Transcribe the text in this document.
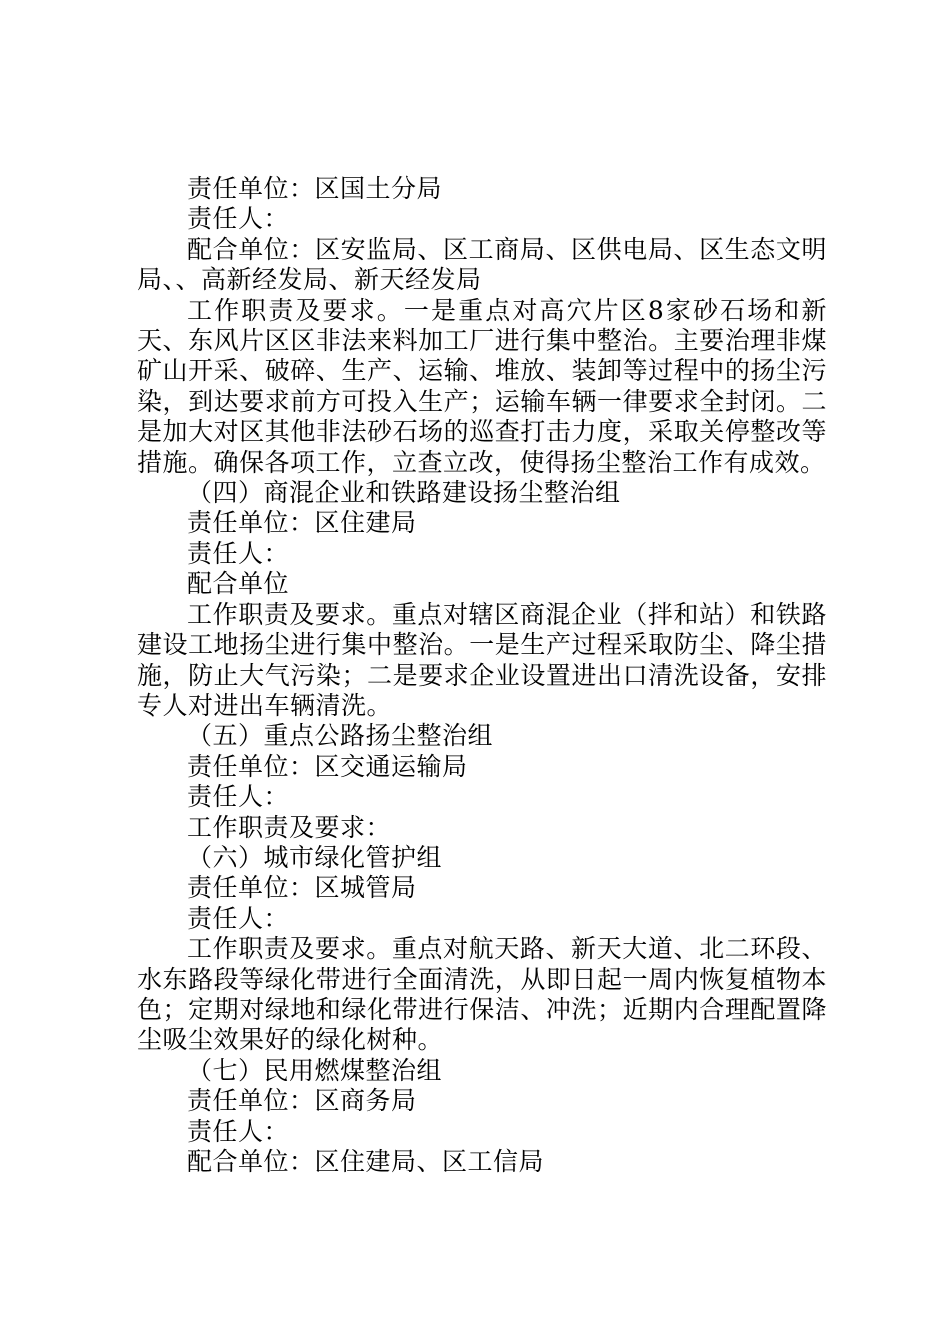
责任单位：区国土分局

责任人：

配合单位：区安监局、区工商局、区供电局、区生态文明局、、高新经发局、新天经发局

工作职责及要求。一是重点对高穴片区8家砂石场和新天、东风片区区非法来料加工厂进行集中整治。主要治理非煤矿山开采、破碎、生产、运输、堆放、装卸等过程中的扬尘污染，到达要求前方可投入生产；运输车辆一律要求全封闭。二是加大对区其他非法砂石场的巡查打击力度，采取关停整改等措施。确保各项工作，立查立改，使得扬尘整治工作有成效。

（四）商混企业和铁路建设扬尘整治组

责任单位：区住建局

责任人：

配合单位

工作职责及要求。重点对辖区商混企业（拌和站）和铁路建设工地扬尘进行集中整治。一是生产过程采取防尘、降尘措施，防止大气污染；二是要求企业设置进出口清洗设备，安排专人对进出车辆清洗。

（五）重点公路扬尘整治组

责任单位：区交通运输局

责任人：

工作职责及要求：

（六）城市绿化管护组

责任单位：区城管局

责任人：

工作职责及要求。重点对航天路、新天大道、北二环段、水东路段等绿化带进行全面清洗，从即日起一周内恢复植物本色；定期对绿地和绿化带进行保洁、冲洗；近期内合理配置降尘吸尘效果好的绿化树种。

（七）民用燃煤整治组

责任单位：区商务局

责任人：

配合单位：区住建局、区工信局
